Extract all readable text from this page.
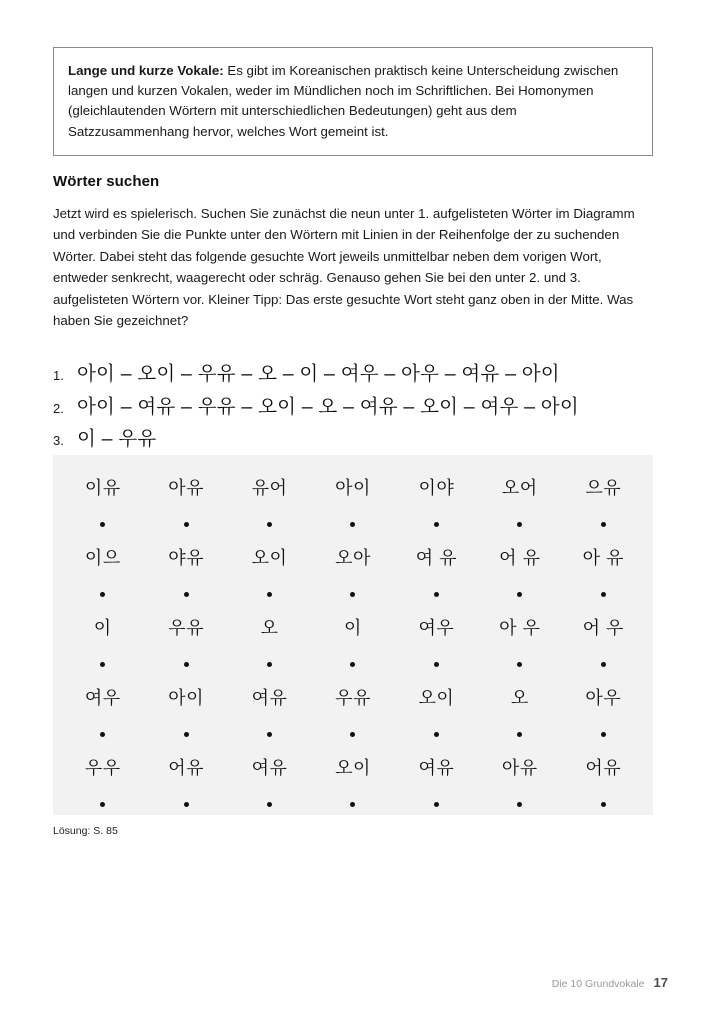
Lange und kurze Vokale: Es gibt im Koreanischen praktisch keine Unterscheidung zwischen langen und kurzen Vokalen, weder im Mündlichen noch im Schriftlichen. Bei Homonymen (gleichlautenden Wörtern mit unterschiedlichen Bedeutungen) geht aus dem Satzzusammenhang hervor, welches Wort gemeint ist.

Wörter suchen
Jetzt wird es spielerisch. Suchen Sie zunächst die neun unter 1. aufgelisteten Wörter im Diagramm und verbinden Sie die Punkte unter den Wörtern mit Linien in der Reihenfolge der zu suchenden Wörter. Dabei steht das folgende gesuchte Wort jeweils unmittelbar neben dem vorigen Wort, entweder senkrecht, waagerecht oder schräg. Genauso gehen Sie bei den unter 2. und 3. aufgelisteten Wörtern vor. Kleiner Tipp: Das erste gesuchte Wort steht ganz oben in der Mitte. Was haben Sie gezeichnet?
1. 아이 – 오이 – 우유 – 오 – 이 – 여우 – 아우 – 여유 – 아이
2. 아이 – 여유 – 우유 – 오이 – 오 – 여유 – 오이 – 여우 – 아이
3. 이 – 우유
이유	아유	유어	아이	이야	오어	으유

이으	야유	오이	오아	여 유	어 유	아 유

이	우유	오	이	여우	아 우	어 우

여우	아이	여유	우유	오이	오	아우

우우	어유	여유	오이	여유	아유	어유

Lösung: S. 85
Die 10 Grundvokale 17
